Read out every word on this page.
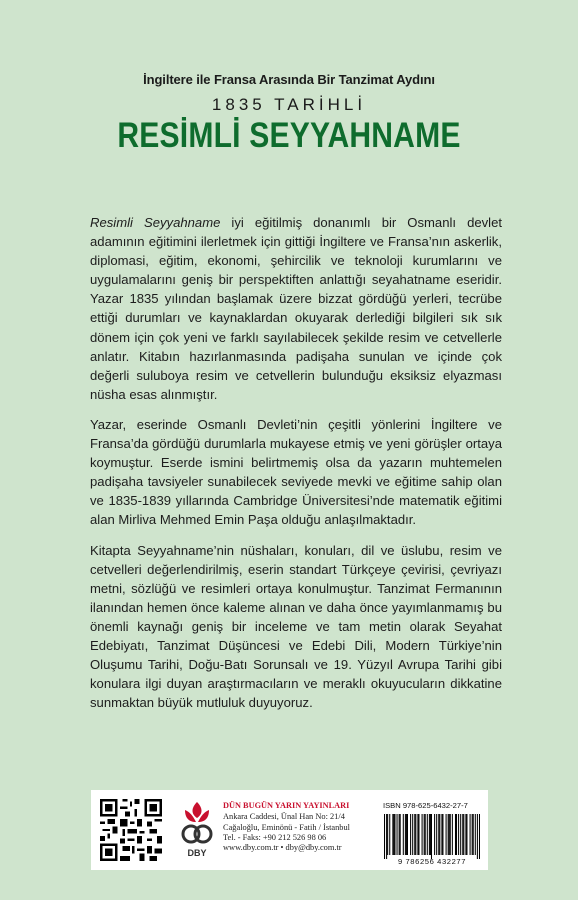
İngiltere ile Fransa Arasında Bir Tanzimat Aydını
1835 TARİHLİ
RESİMLİ SEYYAHNAME

Resimli Seyyahname iyi eğitilmiş donanımlı bir Osmanlı devlet adamının eğitimini ilerletmek için gittiği İngiltere ve Fransa’nın askerlik, diplomasi, eğitim, ekonomi, şehircilik ve teknoloji kurumlarını ve uygulamalarını geniş bir perspektiften anlattığı seyahatname eseridir. Yazar 1835 yılından başlamak üzere bizzat gördüğü yerleri, tecrübe ettiği durumları ve kaynaklardan okuyarak derlediği bilgileri sık sık dönem için çok yeni ve farklı sayılabilecek şekilde resim ve cetvellerle anlatır. Kitabın hazırlanmasında padişaha sunulan ve içinde çok değerli suluboya resim ve cetvellerin bulunduğu eksiksiz elyazması nüsha esas alınmıştır.

Yazar, eserinde Osmanlı Devleti’nin çeşitli yönlerini İngiltere ve Fransa’da gördüğü durumlarla mukayese etmiş ve yeni görüşler ortaya koymuştur. Eserde ismini belirtmemiş olsa da yazarın muhtemelen padişaha tavsiyeler sunabilecek seviyede mevki ve eğitime sahip olan ve 1835-1839 yıllarında Cambridge Üniversitesi’nde matematik eğitimi alan Mirliva Mehmed Emin Paşa olduğu anlaşılmaktadır.

Kitapta Seyyahname’nin nüshaları, konuları, dil ve üslubu, resim ve cetvelleri değerlendirilmiş, eserin standart Türkçeye çevirisi, çevriyazı metni, sözlüğü ve resimleri ortaya konulmuştur. Tanzimat Fermanının ilanından hemen önce kaleme alınan ve daha önce yayımlanmamış bu önemli kaynağı geniş bir inceleme ve tam metin olarak Seyahat Edebiyatı, Tanzimat Düşüncesi ve Edebi Dili, Modern Türkiye’nin Oluşumu Tarihi, Doğu-Batı Sorunsalı ve 19. Yüzyıl Avrupa Tarihi gibi konulara ilgi duyan araştırmacıların ve meraklı okuyucuların dikkatine sunmaktan büyük mutluluk duyuyoruz.

DBY
DÜN BUGÜN YARIN YAYINLARI
Ankara Caddesi, Ünal Han No: 21/4
Cağaloğlu, Eminönü - Fatih / İstanbul
Tel. - Faks: +90 212 526 98 06
www.dby.com.tr • dby@dby.com.tr
ISBN 978-625-6432-27-7
9 786256 432277
